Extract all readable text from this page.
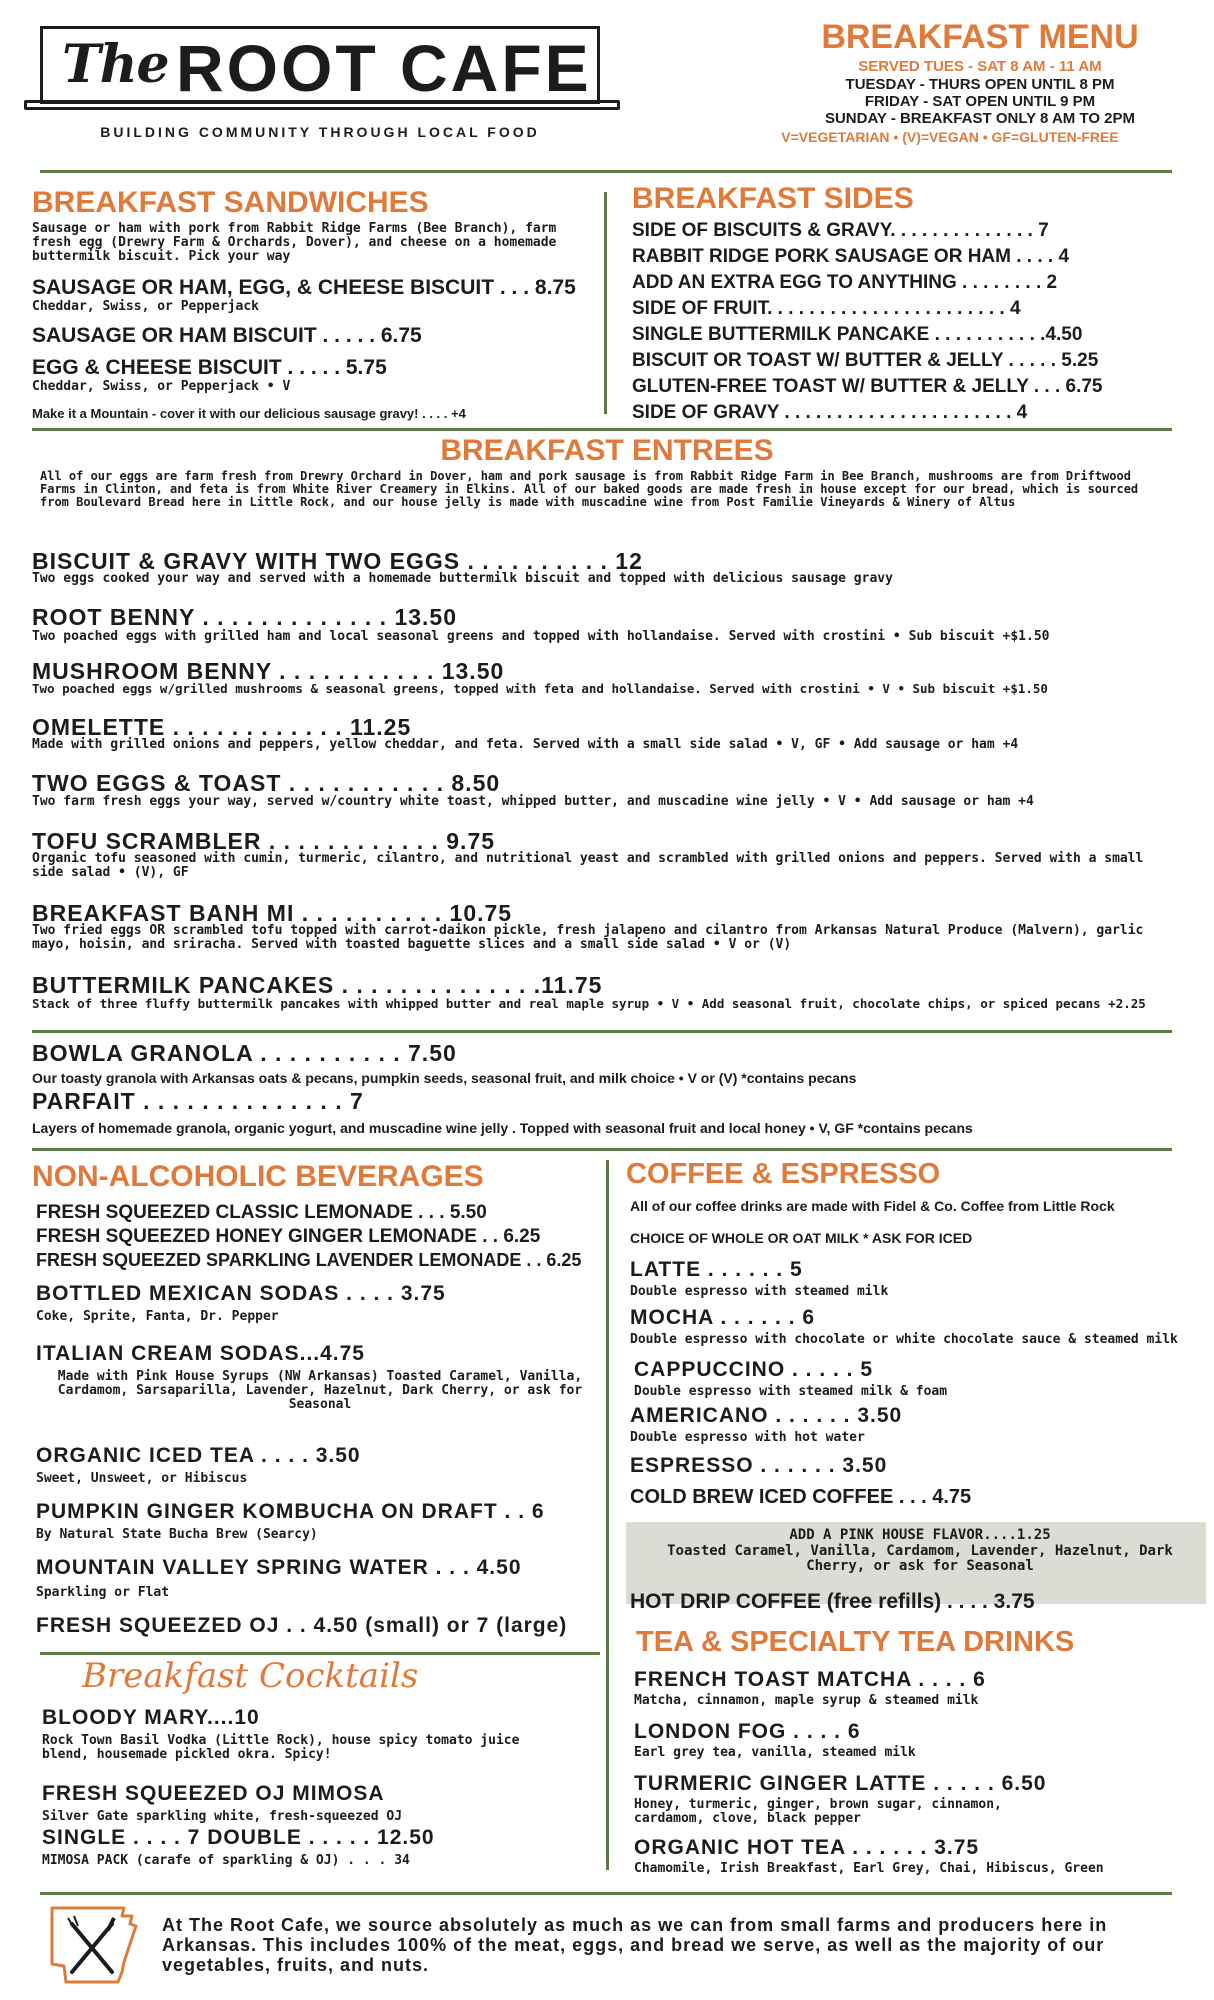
The ROOT CAFE
BUILDING COMMUNITY THROUGH LOCAL FOOD
BREAKFAST MENU
SERVED TUES - SAT 8 AM - 11 AM
TUESDAY - THURS OPEN UNTIL 8 PM
FRIDAY - SAT OPEN UNTIL 9 PM
SUNDAY - BREAKFAST ONLY 8 AM TO 2PM
V=VEGETARIAN • (V)=VEGAN • GF=GLUTEN-FREE
BREAKFAST SANDWICHES
Sausage or ham with pork from Rabbit Ridge Farms (Bee Branch), farm fresh egg (Drewry Farm & Orchards, Dover), and cheese on a homemade buttermilk biscuit. Pick your way
SAUSAGE OR HAM, EGG, & CHEESE BISCUIT . . . 8.75
Cheddar, Swiss, or Pepperjack
SAUSAGE OR HAM BISCUIT . . . . . 6.75
EGG & CHEESE BISCUIT . . . . . 5.75
Cheddar, Swiss, or Pepperjack • V
Make it a Mountain - cover it with our delicious sausage gravy! . . . . +4
BREAKFAST SIDES
SIDE OF BISCUITS & GRAVY. . . . . . . . . . . . . . 7
RABBIT RIDGE PORK SAUSAGE OR HAM . . . . 4
ADD AN EXTRA EGG TO ANYTHING . . . . . . . . 2
SIDE OF FRUIT. . . . . . . . . . . . . . . . . . . . . . . 4
SINGLE BUTTERMILK PANCAKE . . . . . . . . . . .4.50
BISCUIT OR TOAST W/ BUTTER & JELLY . . . . . 5.25
GLUTEN-FREE TOAST W/ BUTTER & JELLY . . . 6.75
SIDE OF GRAVY . . . . . . . . . . . . . . . . . . . . . . 4
BREAKFAST ENTREES
All of our eggs are farm fresh from Drewry Orchard in Dover, ham and pork sausage is from Rabbit Ridge Farm in Bee Branch, mushrooms are from Driftwood Farms in Clinton, and feta is from White River Creamery in Elkins. All of our baked goods are made fresh in house except for our bread, which is sourced from Boulevard Bread here in Little Rock, and our house jelly is made with muscadine wine from Post Familie Vineyards & Winery of Altus
BISCUIT & GRAVY WITH TWO EGGS . . . . . . . . . . 12
Two eggs cooked your way and served with a homemade buttermilk biscuit and topped with delicious sausage gravy
ROOT BENNY . . . . . . . . . . . . . 13.50
Two poached eggs with grilled ham and local seasonal greens and topped with hollandaise. Served with crostini • Sub biscuit +$1.50
MUSHROOM BENNY . . . . . . . . . . . 13.50
Two poached eggs w/grilled mushrooms & seasonal greens, topped with feta and hollandaise. Served with crostini • V • Sub biscuit +$1.50
OMELETTE . . . . . . . . . . . . 11.25
Made with grilled onions and peppers, yellow cheddar, and feta. Served with a small side salad • V, GF • Add sausage or ham +4
TWO EGGS & TOAST . . . . . . . . . . . 8.50
Two farm fresh eggs your way, served w/country white toast, whipped butter, and muscadine wine jelly • V • Add sausage or ham +4
TOFU SCRAMBLER . . . . . . . . . . . . 9.75
Organic tofu seasoned with cumin, turmeric, cilantro, and nutritional yeast and scrambled with grilled onions and peppers. Served with a small side salad • (V), GF
BREAKFAST BANH MI . . . . . . . . . . 10.75
Two fried eggs OR scrambled tofu topped with carrot-daikon pickle, fresh jalapeno and cilantro from Arkansas Natural Produce (Malvern), garlic mayo, hoisin, and sriracha. Served with toasted baguette slices and a small side salad • V or (V)
BUTTERMILK PANCAKES . . . . . . . . . . . . . .11.75
Stack of three fluffy buttermilk pancakes with whipped butter and real maple syrup • V • Add seasonal fruit, chocolate chips, or spiced pecans +2.25
BOWLA GRANOLA . . . . . . . . . . 7.50
Our toasty granola with Arkansas oats & pecans, pumpkin seeds, seasonal fruit, and milk choice • V or (V) *contains pecans
PARFAIT . . . . . . . . . . . . . . 7
Layers of homemade granola, organic yogurt, and muscadine wine jelly . Topped with seasonal fruit and local honey • V, GF *contains pecans
NON-ALCOHOLIC BEVERAGES
FRESH SQUEEZED CLASSIC LEMONADE . . . 5.50
FRESH SQUEEZED HONEY GINGER LEMONADE . . 6.25
FRESH SQUEEZED SPARKLING LAVENDER LEMONADE . . 6.25
BOTTLED MEXICAN SODAS . . . . 3.75
Coke, Sprite, Fanta, Dr. Pepper
ITALIAN CREAM SODAS...4.75
Made with Pink House Syrups (NW Arkansas) Toasted Caramel, Vanilla, Cardamom, Sarsaparilla, Lavender, Hazelnut, Dark Cherry, or ask for Seasonal
ORGANIC ICED TEA . . . . 3.50
Sweet, Unsweet, or Hibiscus
PUMPKIN GINGER KOMBUCHA ON DRAFT . . 6
By Natural State Bucha Brew (Searcy)
MOUNTAIN VALLEY SPRING WATER . . . 4.50
Sparkling or Flat
FRESH SQUEEZED OJ . . 4.50 (small) or 7 (large)
Breakfast Cocktails
BLOODY MARY....10
Rock Town Basil Vodka (Little Rock), house spicy tomato juice blend, housemade pickled okra. Spicy!
FRESH SQUEEZED OJ MIMOSA
Silver Gate sparkling white, fresh-squeezed OJ
SINGLE . . . . 7 DOUBLE . . . . . 12.50
MIMOSA PACK (carafe of sparkling & OJ) . . . 34
COFFEE & ESPRESSO
All of our coffee drinks are made with Fidel & Co. Coffee from Little Rock
CHOICE OF WHOLE OR OAT MILK * ASK FOR ICED
LATTE . . . . . . 5
Double espresso with steamed milk
MOCHA . . . . . . 6
Double espresso with chocolate or white chocolate sauce & steamed milk
CAPPUCCINO . . . . . 5
Double espresso with steamed milk & foam
AMERICANO . . . . . . 3.50
Double espresso with hot water
ESPRESSO . . . . . . 3.50
COLD BREW ICED COFFEE . . . 4.75
ADD A PINK HOUSE FLAVOR....1.25
Toasted Caramel, Vanilla, Cardamom, Lavender, Hazelnut, Dark Cherry, or ask for Seasonal
HOT DRIP COFFEE (free refills) . . . . 3.75
TEA & SPECIALTY TEA DRINKS
FRENCH TOAST MATCHA . . . . 6
Matcha, cinnamon, maple syrup & steamed milk
LONDON FOG . . . . 6
Earl grey tea, vanilla, steamed milk
TURMERIC GINGER LATTE . . . . . 6.50
Honey, turmeric, ginger, brown sugar, cinnamon, cardamom, clove, black pepper
ORGANIC HOT TEA . . . . . . 3.75
Chamomile, Irish Breakfast, Earl Grey, Chai, Hibiscus, Green
At The Root Cafe, we source absolutely as much as we can from small farms and producers here in Arkansas. This includes 100% of the meat, eggs, and bread we serve, as well as the majority of our vegetables, fruits, and nuts.
